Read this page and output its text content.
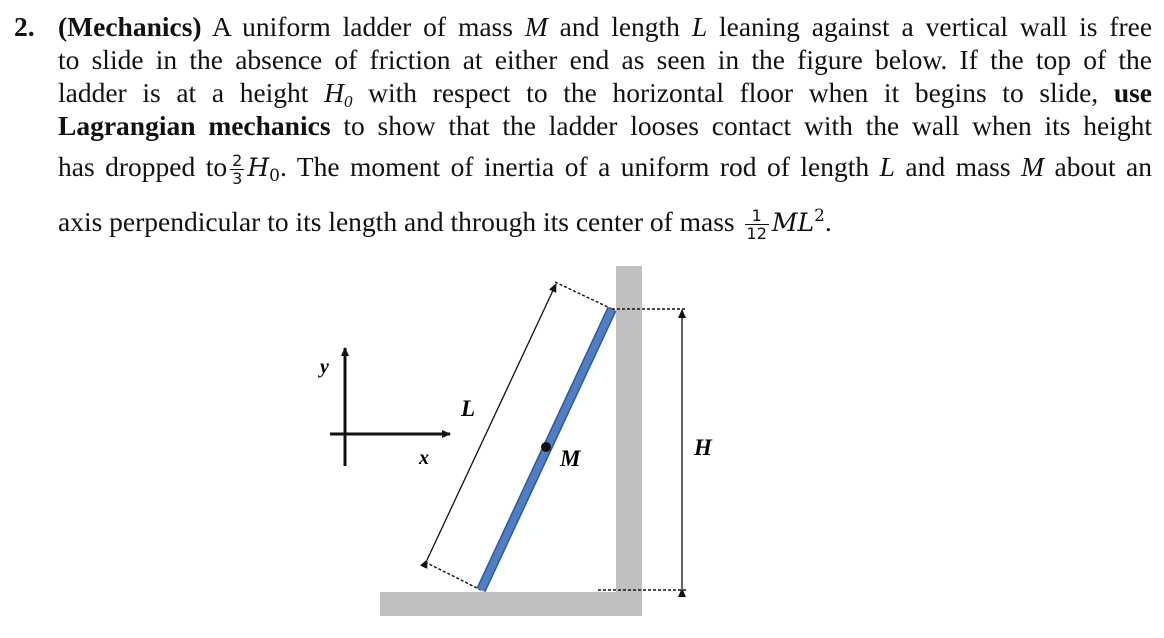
2. (Mechanics) A uniform ladder of mass M and length L leaning against a vertical wall is free
to slide in the absence of friction at either end as seen in the figure below. If the top of the
ladder is at a height $H_0$ with respect to the horizontal floor when it begins to slide, use
Lagrangian mechanics to show that the ladder looses contact with the wall when its height
has dropped to $\frac{2}{3} H_0$. The moment of inertia of a uniform rod of length L and mass M about an
axis perpendicular to its length and through its center of mass $\frac{1}{12} ML^2$.
y
x
L
M	H
